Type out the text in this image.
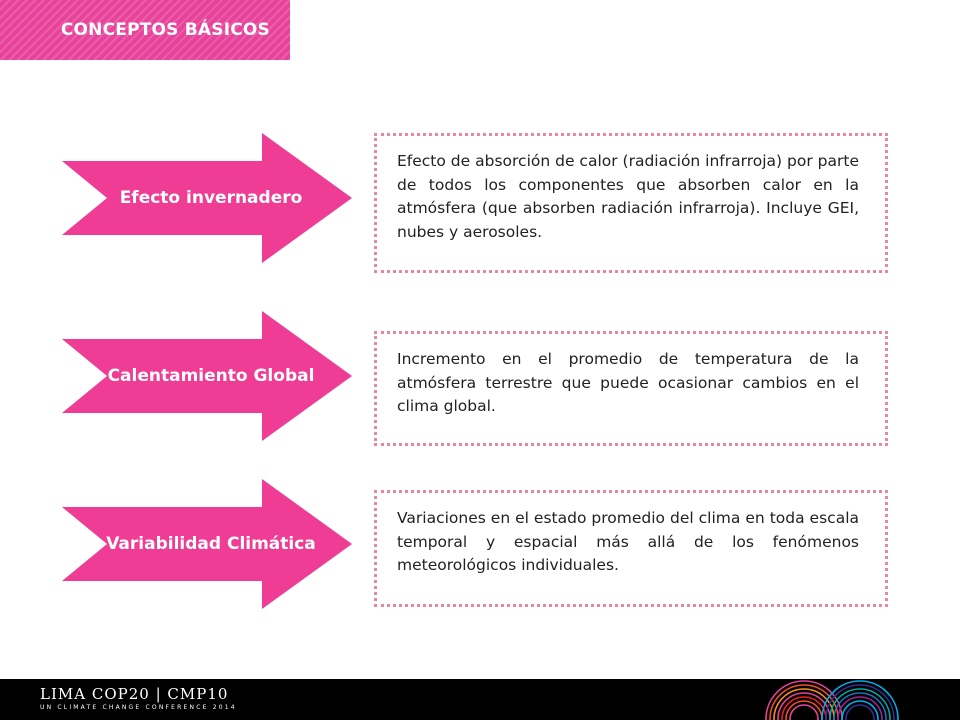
CONCEPTOS BÁSICOS
Efecto invernadero
Efecto de absorción de calor (radiación infrarroja) por parte de todos los componentes que absorben calor en la atmósfera (que absorben radiación infrarroja). Incluye GEI, nubes y aerosoles.
Calentamiento Global
Incremento en el promedio de temperatura de la atmósfera terrestre que puede ocasionar cambios en el clima global.
Variabilidad Climática
Variaciones en el estado promedio del clima en toda escala temporal y espacial más allá de los fenómenos meteorológicos individuales.
LIMA COP20 | CMP10
UN CLIMATE CHANGE CONFERENCE 2014
